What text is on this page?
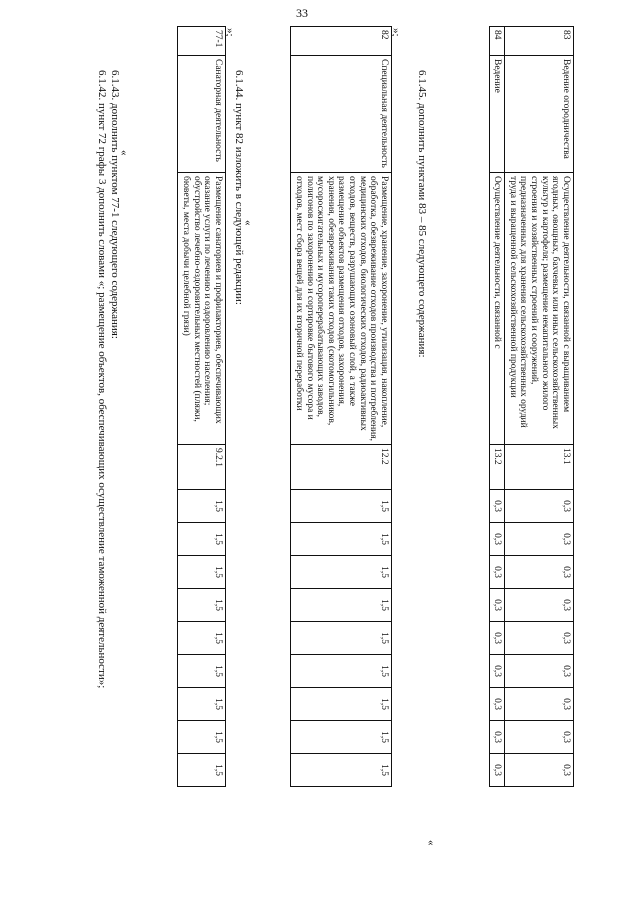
33
6.1.42. пункт 72 графы 3 дополнить словами «; размещение объектов, обеспечивающих осуществление таможенной деятельности»; 6.1.43. дополнить пунктом 77-1 следующего содержания:
«
77-1	Санаторная деятельность	Размещение санаториев и профилакториев, обеспечивающих оказание услуги по лечению и оздоровлению населения; обустройство лечебно-оздоровительных местностей (пляжи, бюветы, места добычи целебной грязи)	9.2.1	1,5	1,5	1,5	1,5	1,5	1,5	1,5	1,5	1,5
»;
6.1.44. пункт 82 изложить в следующей редакции:
«
82	Специальная деятельность	Размещение, хранение, захоронение, утилизация, накопление, обработка, обезвреживание отходов производства и потребления, медицинских отходов, биологических отходов, радиоактивных отходов, веществ, разрушающих озоновый слой, а также размещение объектов размещения отходов, захоронения, хранения, обезвреживания таких отходов (скотомогильников, мусоросжигательных и мусороперерабатывающих заводов, полигонов по захоронению и сортировке бытового мусора и отходов, мест сбора вещей для их вторичной переработки	12.2	1,5	1,5	1,5	1,5	1,5	1,5	1,5	1,5	1,5
»;
6.1.45. дополнить пунктами 83 – 85 следующего содержания:
«
83	Ведение огородничества	Осуществление деятельности, связанной с выращиванием ягодных, овощных, бахчевых или иных сельскохозяйственных культур и картофеля; размещение некапитального жилого строения и хозяйственных строений и сооружений, предназначенных для хранения сельскохозяйственных орудий труда и выращенной сельскохозяйственной продукции	13.1	0,3	0,3	0,3	0,3	0,3	0,3	0,3	0,3	0,3
84	Ведение	Осуществление деятельности, связанной с	13.2	0,3	0,3	0,3	0,3	0,3	0,3	0,3	0,3	0,3
